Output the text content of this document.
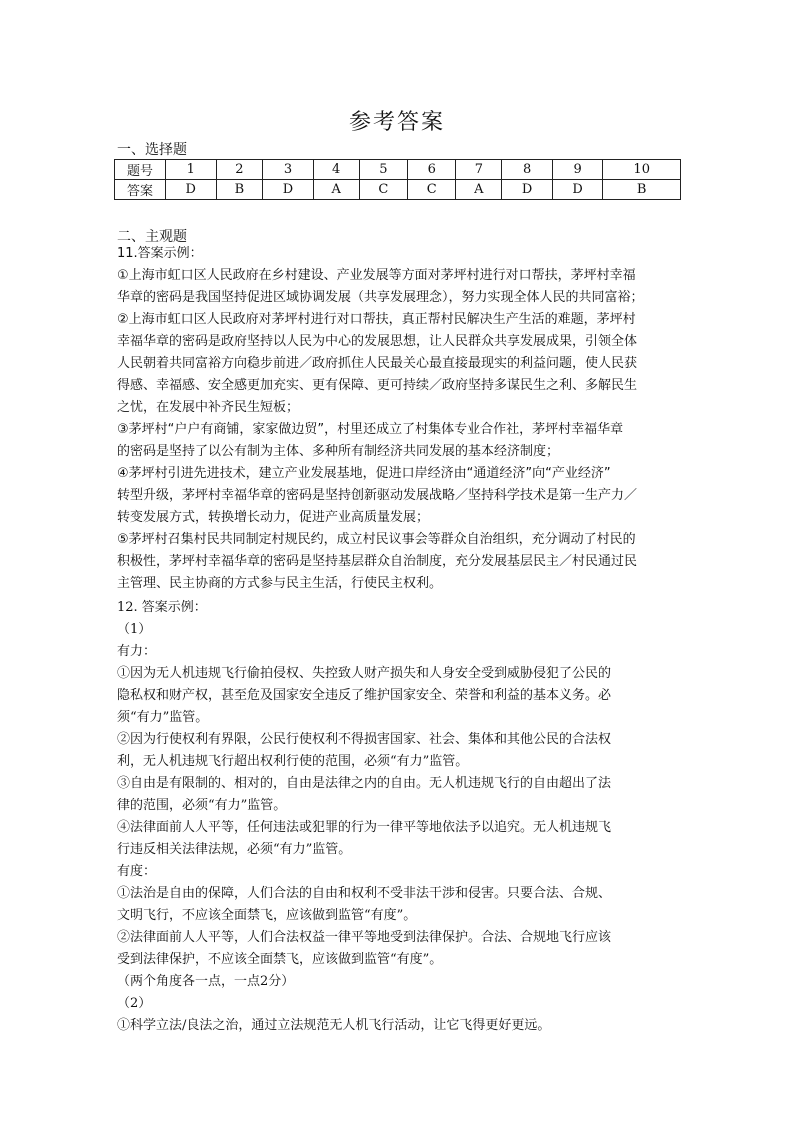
参考答案
一、选择题
题号	1	2	3	4	5	6	7	8	9	10
答案	D	B	D	A	C	C	A	D	D	B
二、主观题

11.答案示例：

①上海市虹口区人民政府在乡村建设、产业发展等方面对茅坪村进行对口帮扶，茅坪村幸福

华章的密码是我国坚持促进区域协调发展（共享发展理念），努力实现全体人民的共同富裕；

②上海市虹口区人民政府对茅坪村进行对口帮扶，真正帮村民解决生产生活的难题，茅坪村

幸福华章的密码是政府坚持以人民为中心的发展思想，让人民群众共享发展成果，引领全体

人民朝着共同富裕方向稳步前进／政府抓住人民最关心最直接最现实的利益问题，使人民获

得感、幸福感、安全感更加充实、更有保障、更可持续／政府坚持多谋民生之利、多解民生

之忧，在发展中补齐民生短板；

③茅坪村“户户有商铺，家家做边贸”，村里还成立了村集体专业合作社，茅坪村幸福华章

的密码是坚持了以公有制为主体、多种所有制经济共同发展的基本经济制度；

④茅坪村引进先进技术，建立产业发展基地，促进口岸经济由“通道经济”向“产业经济”

转型升级，茅坪村幸福华章的密码是坚持创新驱动发展战略／坚持科学技术是第一生产力／

转变发展方式，转换增长动力，促进产业高质量发展；

⑤茅坪村召集村民共同制定村规民约，成立村民议事会等群众自治组织，充分调动了村民的

积极性，茅坪村幸福华章的密码是坚持基层群众自治制度，充分发展基层民主／村民通过民

主管理、民主协商的方式参与民主生活，行使民主权利。

12. 答案示例：

（1）

有力：

①因为无人机违规飞行偷拍侵权、失控致人财产损失和人身安全受到威胁侵犯了公民的

隐私权和财产权，甚至危及国家安全违反了维护国家安全、荣誉和利益的基本义务。必

须“有力”监管。

②因为行使权利有界限，公民行使权利不得损害国家、社会、集体和其他公民的合法权

利，无人机违规飞行超出权利行使的范围，必须“有力”监管。

③自由是有限制的、相对的，自由是法律之内的自由。无人机违规飞行的自由超出了法

律的范围，必须“有力”监管。

④法律面前人人平等，任何违法或犯罪的行为一律平等地依法予以追究。无人机违规飞

行违反相关法律法规，必须“有力”监管。

有度：

①法治是自由的保障，人们合法的自由和权利不受非法干涉和侵害。只要合法、合规、

文明飞行，不应该全面禁飞，应该做到监管“有度”。

②法律面前人人平等，人们合法权益一律平等地受到法律保护。合法、合规地飞行应该

受到法律保护，不应该全面禁飞，应该做到监管“有度”。

（两个角度各一点，一点2分）

（2）

①科学立法/良法之治，通过立法规范无人机飞行活动，让它飞得更好更远。
